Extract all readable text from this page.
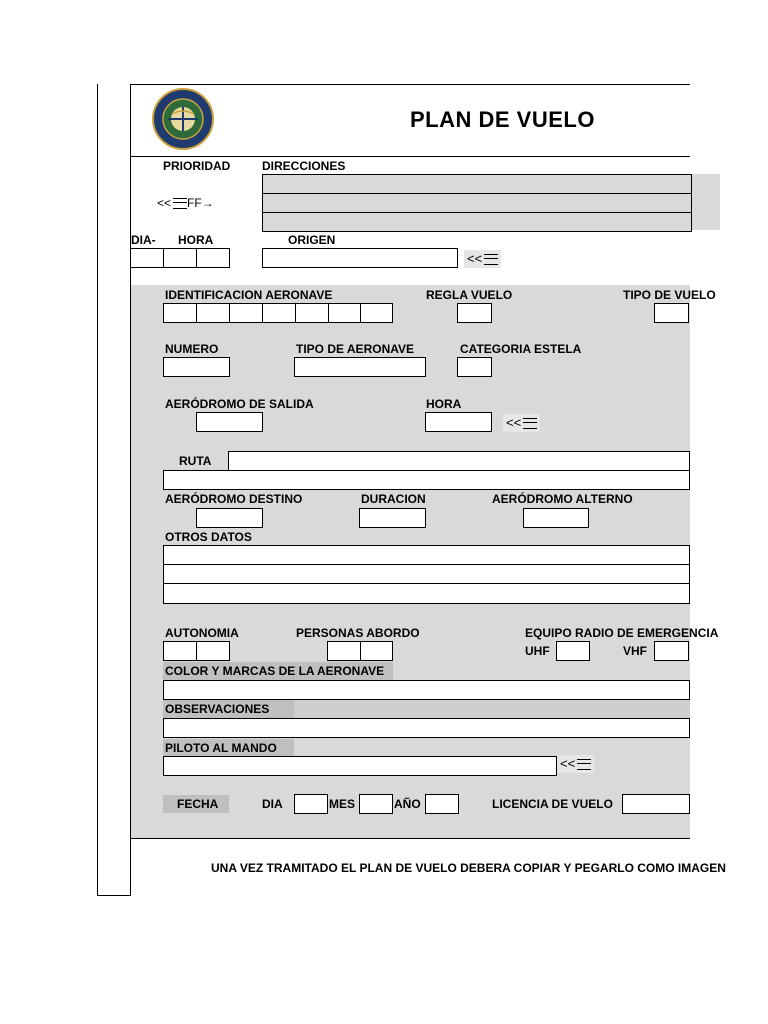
PLAN DE VUELO
PRIORIDAD	DIRECCIONES
<< FF→
DIA- HORA	ORIGEN
<<
IDENTIFICACION AERONAVE	REGLA VUELO	TIPO DE VUELO
NUMERO	TIPO DE AERONAVE	CATEGORIA ESTELA
AERÓDROMO DE SALIDA	HORA
<<
RUTA
AERÓDROMO DESTINO	DURACION	AERÓDROMO ALTERNO
OTROS DATOS
AUTONOMIA	PERSONAS ABORDO	EQUIPO RADIO DE EMERGENCIA
UHF	VHF
COLOR Y MARCAS DE LA AERONAVE
OBSERVACIONES
PILOTO AL MANDO
<<
FECHA	DIA	MES	AÑO	LICENCIA DE VUELO
UNA VEZ TRAMITADO EL PLAN DE VUELO DEBERA COPIAR Y PEGARLO COMO IMAGEN
